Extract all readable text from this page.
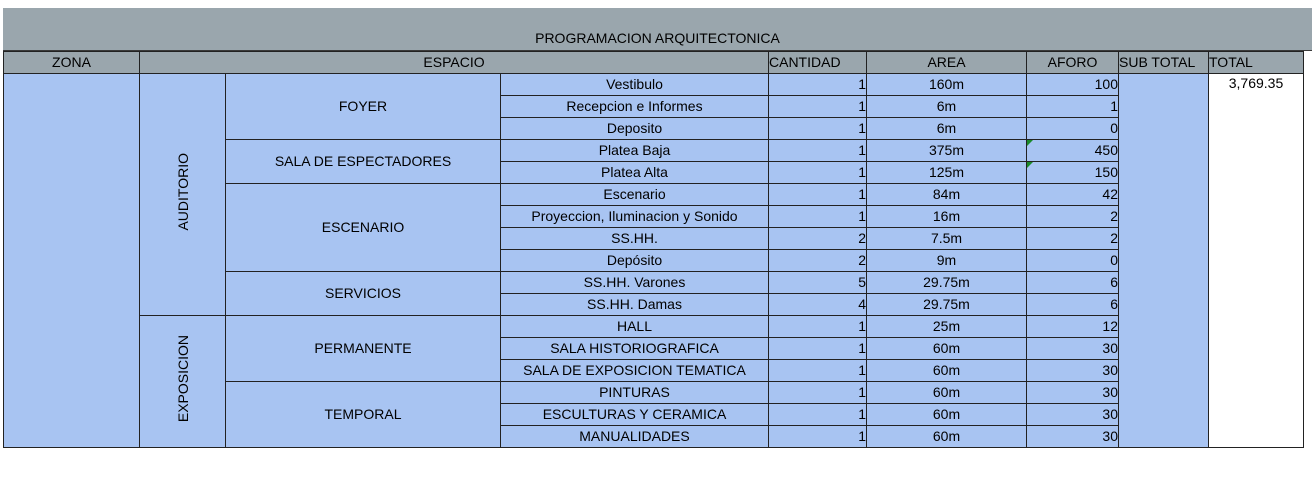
PROGRAMACION ARQUITECTONICA
ZONA	ESPACIO			CANTIDAD	AREA	AFORO	SUB TOTAL	TOTAL
	AUDITORIO	FOYER	Vestibulo	1	160m	100		3,769.35
			Recepcion e Informes	1	6m	1		
			Deposito	1	6m	0		
		SALA DE ESPECTADORES	Platea Baja	1	375m	450		
			Platea Alta	1	125m	150		
		ESCENARIO	Escenario	1	84m	42		
			Proyeccion, Iluminacion y Sonido	1	16m	2		
			SS.HH.	2	7.5m	2		
			Depósito	2	9m	0		
		SERVICIOS	SS.HH. Varones	5	29.75m	6		
			SS.HH. Damas	4	29.75m	6		
	EXPOSICION	PERMANENTE	HALL	1	25m	12		
			SALA HISTORIOGRAFICA	1	60m	30		
			SALA DE EXPOSICION TEMATICA	1	60m	30		
		TEMPORAL	PINTURAS	1	60m	30		
			ESCULTURAS Y CERAMICA	1	60m	30		
			MANUALIDADES	1	60m	30		
